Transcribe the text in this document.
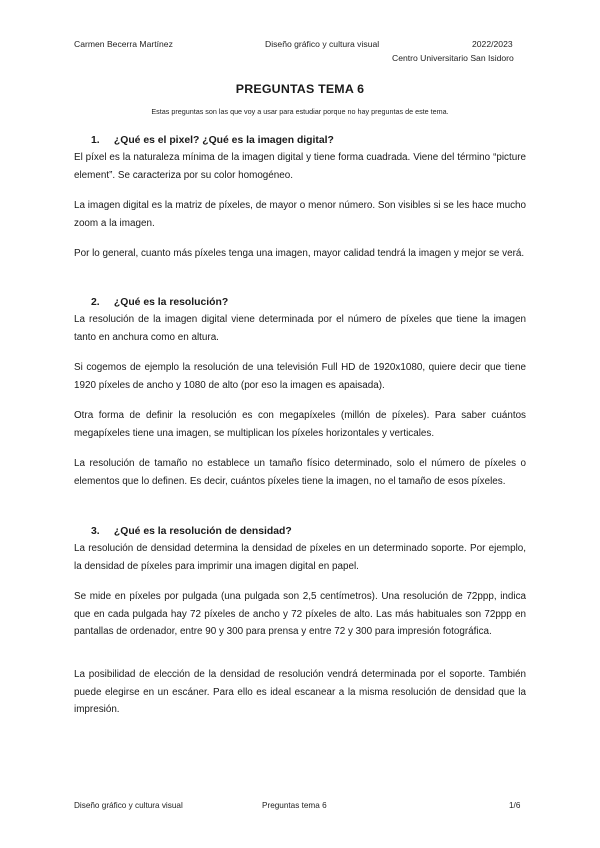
Carmen Becerra Martínez	Diseño gráfico y cultura visual	2022/2023
Centro Universitario San Isidoro
PREGUNTAS TEMA 6
Estas preguntas son las que voy a usar para estudiar porque no hay preguntas de este tema.
1. ¿Qué es el pixel? ¿Qué es la imagen digital?

El píxel es la naturaleza mínima de la imagen digital y tiene forma cuadrada. Viene del término “picture element”. Se caracteriza por su color homogéneo.

La imagen digital es la matriz de píxeles, de mayor o menor número. Son visibles si se les hace mucho zoom a la imagen.

Por lo general, cuanto más píxeles tenga una imagen, mayor calidad tendrá la imagen y mejor se verá.

2. ¿Qué es la resolución?

La resolución de la imagen digital viene determinada por el número de píxeles que tiene la imagen tanto en anchura como en altura.

Si cogemos de ejemplo la resolución de una televisión Full HD de 1920x1080, quiere decir que tiene 1920 píxeles de ancho y 1080 de alto (por eso la imagen es apaisada).

Otra forma de definir la resolución es con megapíxeles (millón de píxeles). Para saber cuántos megapíxeles tiene una imagen, se multiplican los píxeles horizontales y verticales.

La resolución de tamaño no establece un tamaño físico determinado, solo el número de píxeles o elementos que lo definen. Es decir, cuántos píxeles tiene la imagen, no el tamaño de esos píxeles.

3. ¿Qué es la resolución de densidad?

La resolución de densidad determina la densidad de píxeles en un determinado soporte. Por ejemplo, la densidad de píxeles para imprimir una imagen digital en papel.

Se mide en píxeles por pulgada (una pulgada son 2,5 centímetros). Una resolución de 72ppp, indica que en cada pulgada hay 72 píxeles de ancho y 72 píxeles de alto. Las más habituales son 72ppp en pantallas de ordenador, entre 90 y 300 para prensa y entre 72 y 300 para impresión fotográfica.

La posibilidad de elección de la densidad de resolución vendrá determinada por el soporte. También puede elegirse en un escáner. Para ello es ideal escanear a la misma resolución de densidad que la impresión.

Diseño gráfico y cultura visual	Preguntas tema 6	1/6
